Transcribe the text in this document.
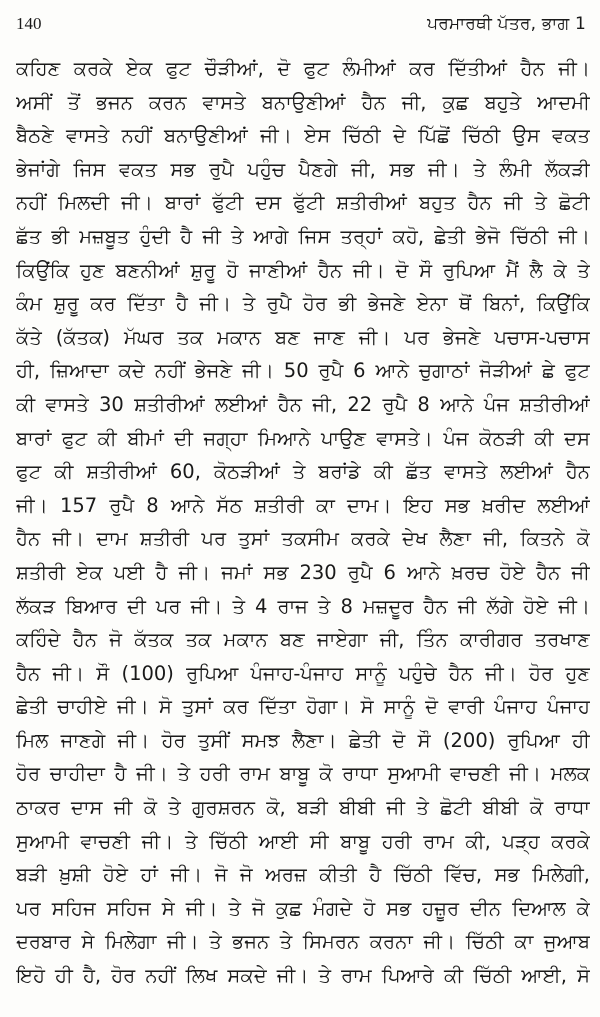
140	ਪਰਮਾਰਥੀ ਪੱਤਰ, ਭਾਗ 1
ਕਹਿਣ ਕਰਕੇ ਏਕ ਫੁਟ ਚੌੜੀਆਂ, ਦੋ ਫੁਟ ਲੰਮੀਆਂ ਕਰ ਦਿੱਤੀਆਂ ਹੈਨ ਜੀ।
ਅਸੀਂ ਤੋਂ ਭਜਨ ਕਰਨ ਵਾਸਤੇ ਬਨਾਉਣੀਆਂ ਹੈਨ ਜੀ, ਕੁਛ ਬਹੁਤੇ ਆਦਮੀ
ਬੈਠਣੇ ਵਾਸਤੇ ਨਹੀਂ ਬਨਾਉਣੀਆਂ ਜੀ। ਏਸ ਚਿੱਠੀ ਦੇ ਪਿੱਛੋਂ ਚਿੱਠੀ ਉਸ ਵਕਤ
ਭੇਜਾਂਗੇ ਜਿਸ ਵਕਤ ਸਭ ਰੁਪੈ ਪਹੁੰਚ ਪੈਣਗੇ ਜੀ, ਸਭ ਜੀ। ਤੇ ਲੰਮੀ ਲੱਕੜੀ
ਨਹੀਂ ਮਿਲਦੀ ਜੀ। ਬਾਰਾਂ ਫੁੱਟੀ ਦਸ ਫੁੱਟੀ ਸ਼ਤੀਰੀਆਂ ਬਹੁਤ ਹੈਨ ਜੀ ਤੇ ਛੋਟੀ
ਛੱਤ ਭੀ ਮਜ਼ਬੂਤ ਹੁੰਦੀ ਹੈ ਜੀ ਤੇ ਆਗੇ ਜਿਸ ਤਰ੍ਹਾਂ ਕਹੋ, ਛੇਤੀ ਭੇਜੋ ਚਿੱਠੀ ਜੀ।
ਕਿਉਂਕਿ ਹੁਣ ਬਣਨੀਆਂ ਸ਼ੁਰੂ ਹੋ ਜਾਣੀਆਂ ਹੈਨ ਜੀ। ਦੋ ਸੌ ਰੁਪਿਆ ਮੈਂ ਲੈ ਕੇ ਤੇ
ਕੰਮ ਸ਼ੁਰੂ ਕਰ ਦਿੱਤਾ ਹੈ ਜੀ। ਤੇ ਰੁਪੈ ਹੋਰ ਭੀ ਭੇਜਣੇ ਏਨਾ ਥੋਂ ਬਿਨਾਂ, ਕਿਉਂਕਿ
ਕੱਤੇ (ਕੱਤਕ) ਮੱਘਰ ਤਕ ਮਕਾਨ ਬਣ ਜਾਣ ਜੀ। ਪਰ ਭੇਜਣੇ ਪਚਾਸ-ਪਚਾਸ
ਹੀ, ਜ਼ਿਆਦਾ ਕਦੇ ਨਹੀਂ ਭੇਜਣੇ ਜੀ। 50 ਰੁਪੈ 6 ਆਨੇ ਚੁਗਾਠਾਂ ਜੋੜੀਆਂ ਛੇ ਫੁਟ
ਕੀ ਵਾਸਤੇ 30 ਸ਼ਤੀਰੀਆਂ ਲਈਆਂ ਹੈਨ ਜੀ, 22 ਰੁਪੈ 8 ਆਨੇ ਪੰਜ ਸ਼ਤੀਰੀਆਂ
ਬਾਰਾਂ ਫੁਟ ਕੀ ਬੀਮਾਂ ਦੀ ਜਗ੍ਹਾ ਮਿਆਨੇ ਪਾਉਣ ਵਾਸਤੇ। ਪੰਜ ਕੋਠੜੀ ਕੀ ਦਸ
ਫੁਟ ਕੀ ਸ਼ਤੀਰੀਆਂ 60, ਕੋਠੜੀਆਂ ਤੇ ਬਰਾਂਡੇ ਕੀ ਛੱਤ ਵਾਸਤੇ ਲਈਆਂ ਹੈਨ
ਜੀ। 157 ਰੁਪੈ 8 ਆਨੇ ਸੱਠ ਸ਼ਤੀਰੀ ਕਾ ਦਾਮ। ਇਹ ਸਭ ਖ਼ਰੀਦ ਲਈਆਂ
ਹੈਨ ਜੀ। ਦਾਮ ਸ਼ਤੀਰੀ ਪਰ ਤੁਸਾਂ ਤਕਸੀਮ ਕਰਕੇ ਦੇਖ ਲੈਣਾ ਜੀ, ਕਿਤਨੇ ਕੋ
ਸ਼ਤੀਰੀ ਏਕ ਪਈ ਹੈ ਜੀ। ਜਮਾਂ ਸਭ 230 ਰੁਪੈ 6 ਆਨੇ ਖ਼ਰਚ ਹੋਏ ਹੈਨ ਜੀ
ਲੱਕੜ ਬਿਆਰ ਦੀ ਪਰ ਜੀ। ਤੇ 4 ਰਾਜ ਤੇ 8 ਮਜ਼ਦੂਰ ਹੈਨ ਜੀ ਲੱਗੇ ਹੋਏ ਜੀ।
ਕਹਿੰਦੇ ਹੈਨ ਜੋ ਕੱਤਕ ਤਕ ਮਕਾਨ ਬਣ ਜਾਏਗਾ ਜੀ, ਤਿੰਨ ਕਾਰੀਗਰ ਤਰਖਾਣ
ਹੈਨ ਜੀ। ਸੌ (100) ਰੁਪਿਆ ਪੰਜਾਹ-ਪੰਜਾਹ ਸਾਨੂੰ ਪਹੁੰਚੇ ਹੈਨ ਜੀ। ਹੋਰ ਹੁਣ
ਛੇਤੀ ਚਾਹੀਏ ਜੀ। ਸੋ ਤੁਸਾਂ ਕਰ ਦਿੱਤਾ ਹੋਗਾ। ਸੋ ਸਾਨੂੰ ਦੋ ਵਾਰੀ ਪੰਜਾਹ ਪੰਜਾਹ
ਮਿਲ ਜਾਣਗੇ ਜੀ। ਹੋਰ ਤੁਸੀਂ ਸਮਝ ਲੈਣਾ। ਛੇਤੀ ਦੋ ਸੌ (200) ਰੁਪਿਆ ਹੀ
ਹੋਰ ਚਾਹੀਦਾ ਹੈ ਜੀ। ਤੇ ਹਰੀ ਰਾਮ ਬਾਬੂ ਕੋ ਰਾਧਾ ਸੁਆਮੀ ਵਾਚਣੀ ਜੀ। ਮਲਕ
ਠਾਕਰ ਦਾਸ ਜੀ ਕੋ ਤੇ ਗੁਰਸ਼ਰਨ ਕੋ, ਬੜੀ ਬੀਬੀ ਜੀ ਤੇ ਛੋਟੀ ਬੀਬੀ ਕੋ ਰਾਧਾ
ਸੁਆਮੀ ਵਾਚਣੀ ਜੀ। ਤੇ ਚਿੱਠੀ ਆਈ ਸੀ ਬਾਬੂ ਹਰੀ ਰਾਮ ਕੀ, ਪੜ੍ਹ ਕਰਕੇ
ਬੜੀ ਖ਼ੁਸ਼ੀ ਹੋਏ ਹਾਂ ਜੀ। ਜੋ ਜੋ ਅਰਜ਼ ਕੀਤੀ ਹੈ ਚਿੱਠੀ ਵਿੱਚ, ਸਭ ਮਿਲੇਗੀ,
ਪਰ ਸਹਿਜ ਸਹਿਜ ਸੇ ਜੀ। ਤੇ ਜੋ ਕੁਛ ਮੰਗਦੇ ਹੋ ਸਭ ਹਜ਼ੂਰ ਦੀਨ ਦਿਆਲ ਕੇ
ਦਰਬਾਰ ਸੇ ਮਿਲੇਗਾ ਜੀ। ਤੇ ਭਜਨ ਤੇ ਸਿਮਰਨ ਕਰਨਾ ਜੀ। ਚਿੱਠੀ ਕਾ ਜੁਆਬ
ਇਹੋ ਹੀ ਹੈ, ਹੋਰ ਨਹੀਂ ਲਿਖ ਸਕਦੇ ਜੀ। ਤੇ ਰਾਮ ਪਿਆਰੇ ਕੀ ਚਿੱਠੀ ਆਈ, ਸੋ
